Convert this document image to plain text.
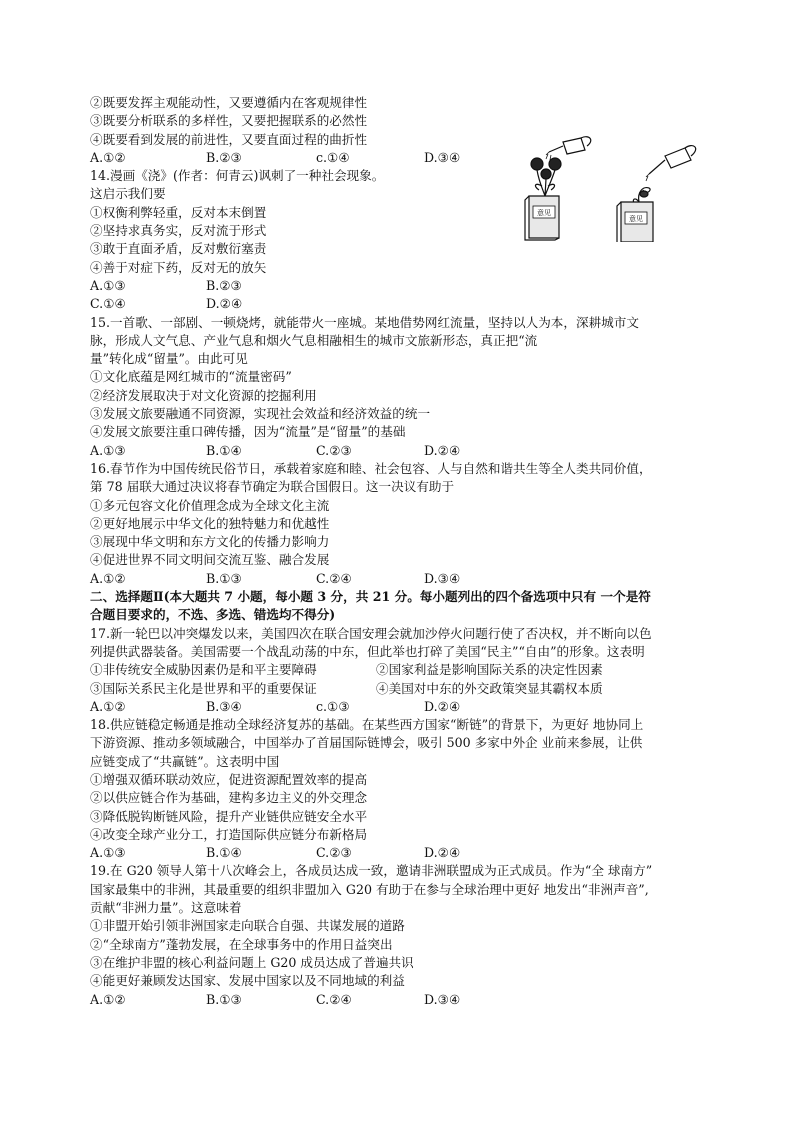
②既要发挥主观能动性，又要遵循内在客观规律性
③既要分析联系的多样性，又要把握联系的必然性
④既要看到发展的前进性，又要直面过程的曲折性
A.①②	B.②③	c.①④	D.③④
14.漫画《浇》(作者：何青云)讽刺了一种社会现象。
这启示我们要
①权衡利弊轻重，反对本末倒置
②坚持求真务实，反对流于形式
③敢于直面矛盾，反对敷衍塞责
④善于对症下药，反对无的放矢
A.①③	B.②③
C.①④	D.②④
15.一首歌、一部剧、一顿烧烤，就能带火一座城。某地借势网红流量，坚持以人为本，深耕城市文
脉，形成人文气息、产业气息和烟火气息相融相生的城市文旅新形态，真正把“流
量”转化成“留量”。由此可见
①文化底蕴是网红城市的“流量密码”
②经济发展取决于对文化资源的挖掘利用
③发展文旅要融通不同资源，实现社会效益和经济效益的统一
④发展文旅要注重口碑传播，因为“流量”是“留量”的基础
A.①③	B.①④	C.②③	D.②④
16.春节作为中国传统民俗节日，承载着家庭和睦、社会包容、人与自然和谐共生等全人类共同价值，
第 78 届联大通过决议将春节确定为联合国假日。这一决议有助于
①多元包容文化价值理念成为全球文化主流
②更好地展示中华文化的独特魅力和优越性
③展现中华文明和东方文化的传播力影响力
④促进世界不同文明间交流互鉴、融合发展
A.①②	B.①③	C.②④	D.③④
二、选择题Ⅱ(本大题共 7 小题，每小题 3 分，共 21 分。每小题列出的四个备选项中只有 一个是符
合题目要求的，不选、多选、错选均不得分)
17.新一轮巴以冲突爆发以来，美国四次在联合国安理会就加沙停火问题行使了否决权，并不断向以色
列提供武器装备。美国需要一个战乱动荡的中东，但此举也打碎了美国“民主”“自由”的形象。这表明
①非传统安全威胁因素仍是和平主要障碍	②国家利益是影响国际关系的决定性因素
③国际关系民主化是世界和平的重要保证	④美国对中东的外交政策突显其霸权本质
A.①②	B.③④	c.①③	D.②④
18.供应链稳定畅通是推动全球经济复苏的基础。在某些西方国家“断链”的背景下，为更好 地协同上
下游资源、推动多领域融合，中国举办了首届国际链博会，吸引 500 多家中外企 业前来参展，让供
应链变成了“共赢链”。这表明中国
①增强双循环联动效应，促进资源配置效率的提高
②以供应链合作为基础，建构多边主义的外交理念
③降低脱钩断链风险，提升产业链供应链安全水平
④改变全球产业分工，打造国际供应链分布新格局
A.①③	B.①④	C.②③	D.②④
19.在 G20 领导人第十八次峰会上，各成员达成一致，邀请非洲联盟成为正式成员。作为“全 球南方”
国家最集中的非洲，其最重要的组织非盟加入 G20 有助于在参与全球治理中更好 地发出“非洲声音”,
贡献“非洲力量”。这意味着
①非盟开始引领非洲国家走向联合自强、共谋发展的道路
②“全球南方”蓬勃发展，在全球事务中的作用日益突出
③在维护非盟的核心利益问题上 G20 成员达成了普遍共识
④能更好兼顾发达国家、发展中国家以及不同地域的利益
A.①②	B.①③	C.②④	D.③④
意见
意见
